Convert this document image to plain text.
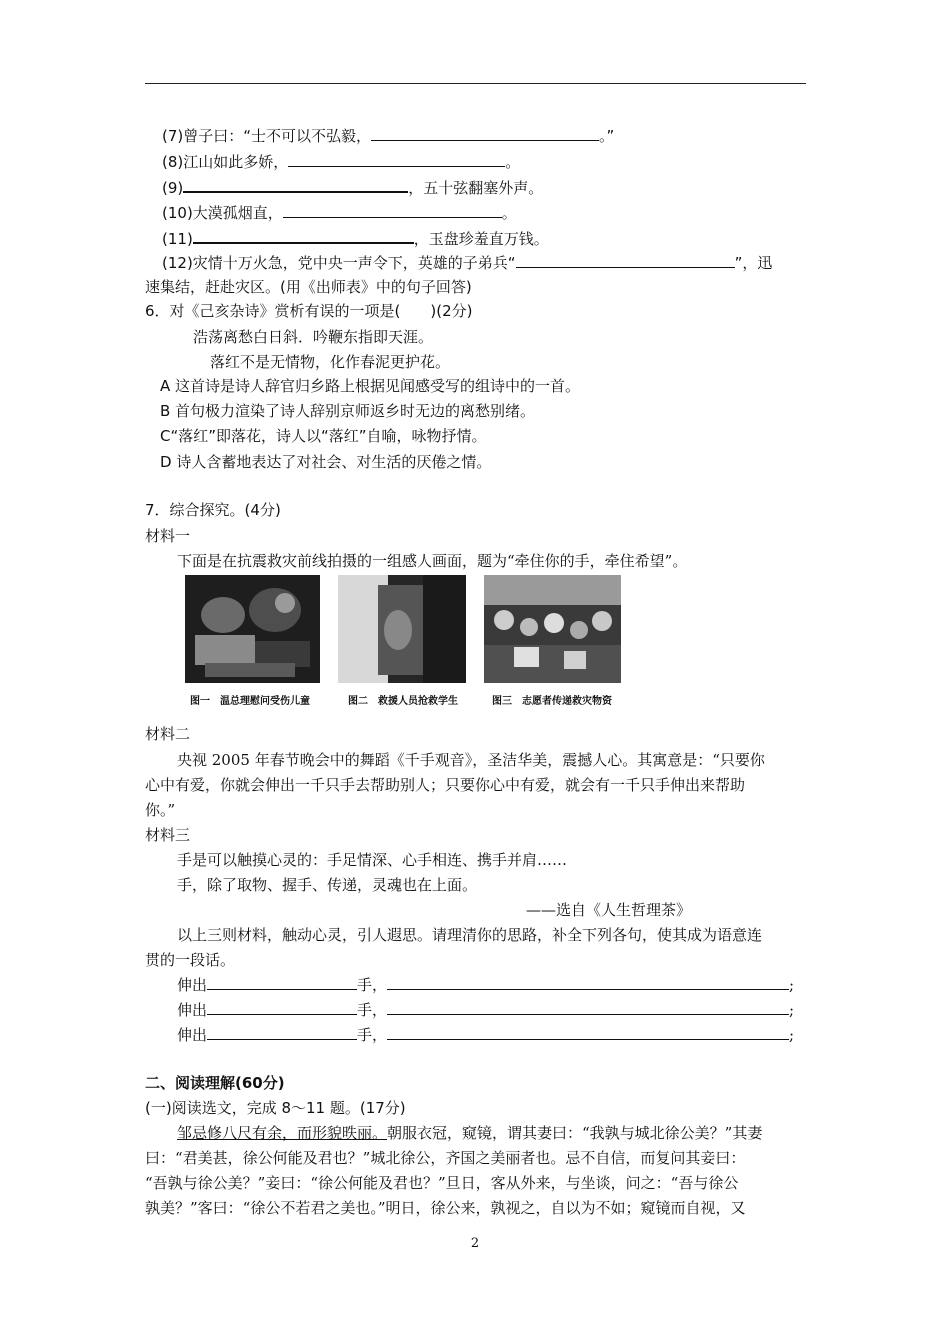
(7)曾子曰：“士不可以不弘毅，	。”
(8)江山如此多娇，	。
(9)	，五十弦翻塞外声。
(10)大漠孤烟直，	。
(11)	，玉盘珍羞直万钱。
(12)灾情十万火急，党中央一声令下，英雄的子弟兵“	”，迅
速集结，赶赴灾区。(用《出师表》中的句子回答)
6．对《己亥杂诗》赏析有误的一项是(　　)(2分)
浩荡离愁白日斜．吟鞭东指即天涯。
落红不是无情物，化作春泥更护花。
A 这首诗是诗人辞官归乡路上根据见闻感受写的组诗中的一首。
B 首句极力渲染了诗人辞别京师返乡时无边的离愁别绪。
C“落红”即落花，诗人以“落红”自喻，咏物抒情。
D 诗人含蓄地表达了对社会、对生活的厌倦之情。
7．综合探究。(4分)
材料一
下面是在抗震救灾前线拍摄的一组感人画面，题为“牵住你的手，牵住希望”。
图一　温总理慰问受伤儿童	图二　救援人员抢救学生	图三　志愿者传递救灾物资
材料二
央视 2005 年春节晚会中的舞蹈《千手观音》，圣洁华美，震撼人心。其寓意是：“只要你
心中有爱，你就会伸出一千只手去帮助别人；只要你心中有爱，就会有一千只手伸出来帮助
你。”
材料三
手是可以触摸心灵的：手足情深、心手相连、携手并肩……
手，除了取物、握手、传递，灵魂也在上面。
——选自《人生哲理茶》
以上三则材料，触动心灵，引人遐思。请理清你的思路，补全下列各句，使其成为语意连
贯的一段话。
伸出	手，	;
伸出	手，	;
伸出	手，	;
二、阅读理解(60分)
(一)阅读选文，完成 8～11 题。(17分)
邹忌修八尺有余，而形貌昳丽。朝服衣冠，窥镜，谓其妻曰：“我孰与城北徐公美？”其妻
曰：“君美甚，徐公何能及君也？”城北徐公，齐国之美丽者也。忌不自信，而复问其妾曰：
“吾孰与徐公美？”妾曰：“徐公何能及君也？”旦日，客从外来，与坐谈，问之：“吾与徐公
孰美？”客曰：“徐公不若君之美也。”明日，徐公来，孰视之，自以为不如；窥镜而自视，又
2
